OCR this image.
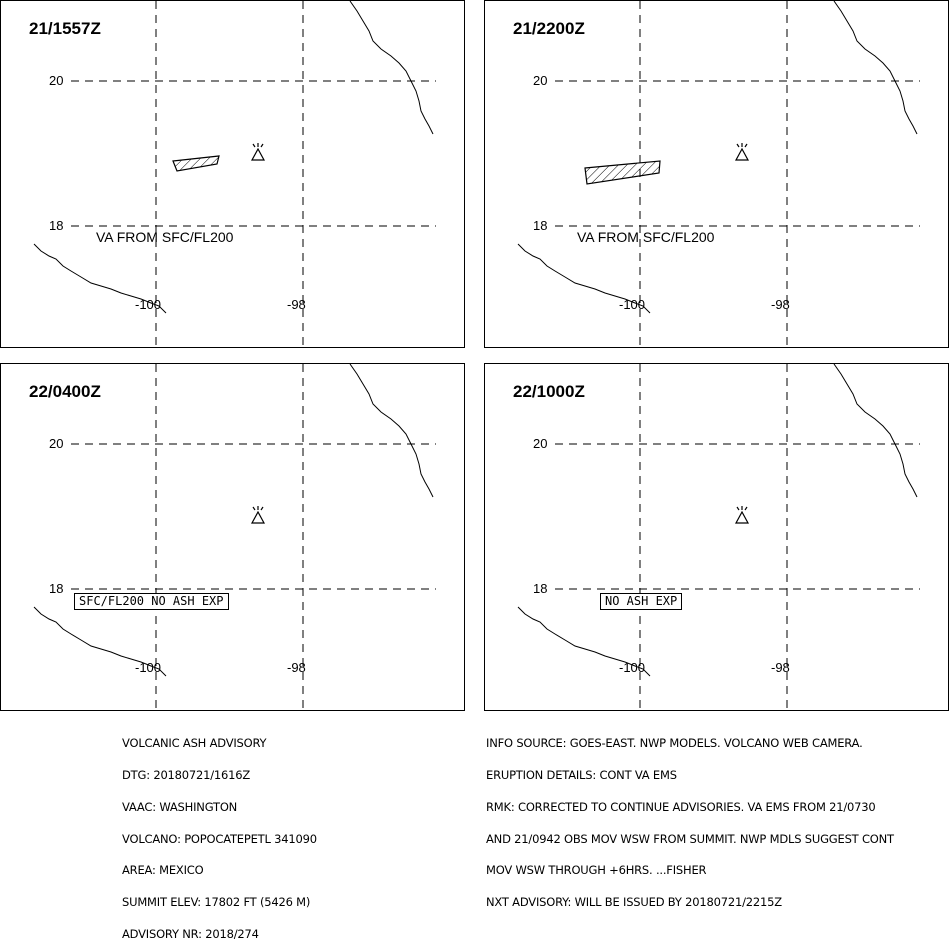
21/1557Z
20
18
-100	-98
VA FROM SFC/FL200
21/2200Z
20
18
-100	-98
VA FROM SFC/FL200
22/0400Z
20
18
-100	-98
SFC/FL200 NO ASH EXP
22/1000Z
20
18
-100	-98
NO ASH EXP

VOLCANIC ASH ADVISORY

DTG: 20180721/1616Z

VAAC: WASHINGTON

VOLCANO: POPOCATEPETL 341090

AREA: MEXICO

SUMMIT ELEV: 17802 FT (5426 M)

ADVISORY NR: 2018/274

INFO SOURCE: GOES-EAST. NWP MODELS. VOLCANO WEB CAMERA.

ERUPTION DETAILS: CONT VA EMS

RMK: CORRECTED TO CONTINUE ADVISORIES. VA EMS FROM 21/0730

AND 21/0942 OBS MOV WSW FROM SUMMIT. NWP MDLS SUGGEST CONT

MOV WSW THROUGH +6HRS. ...FISHER

NXT ADVISORY: WILL BE ISSUED BY 20180721/2215Z
